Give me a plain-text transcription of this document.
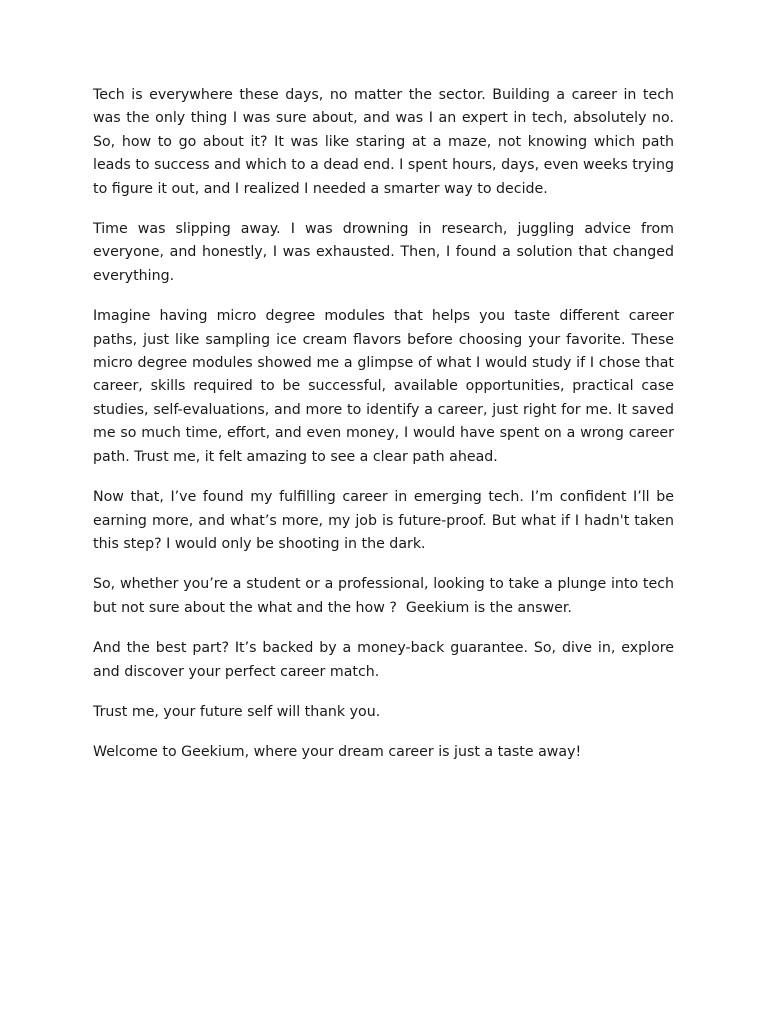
Tech is everywhere these days, no matter the sector. Building a career in tech was the only thing I was sure about, and was I an expert in tech, absolutely no. So, how to go about it? It was like staring at a maze, not knowing which path leads to success and which to a dead end. I spent hours, days, even weeks trying to figure it out, and I realized I needed a smarter way to decide.

Time was slipping away. I was drowning in research, juggling advice from everyone, and honestly, I was exhausted. Then, I found a solution that changed everything.

Imagine having micro degree modules that helps you taste different career paths, just like sampling ice cream flavors before choosing your favorite. These micro degree modules showed me a glimpse of what I would study if I chose that career, skills required to be successful, available opportunities, practical case studies, self-evaluations, and more to identify a career, just right for me. It saved me so much time, effort, and even money, I would have spent on a wrong career path. Trust me, it felt amazing to see a clear path ahead.

Now that, I’ve found my fulfilling career in emerging tech. I’m confident I’ll be earning more, and what’s more, my job is future-proof. But what if I hadn't taken this step? I would only be shooting in the dark.

So, whether you’re a student or a professional, looking to take a plunge into tech but not sure about the what and the how ?  Geekium is the answer.

And the best part? It’s backed by a money-back guarantee. So, dive in, explore and discover your perfect career match.

Trust me, your future self will thank you.

Welcome to Geekium, where your dream career is just a taste away!
